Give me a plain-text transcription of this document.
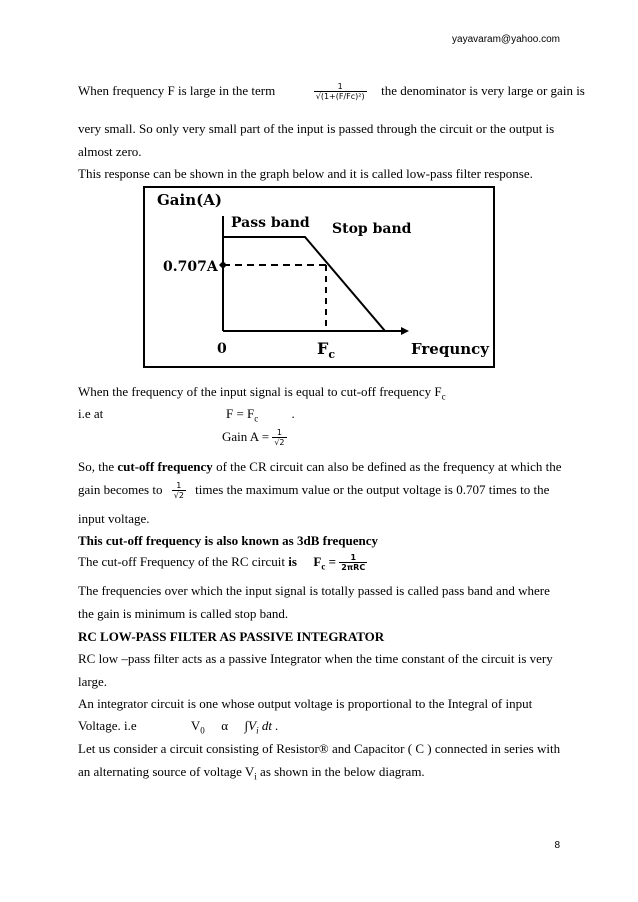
yayavaram@yahoo.com
When frequency F is large in the term	$\frac{1}{\text{√(1+(F/Fc)²)}}$ the denominator is very large or gain is
very small. So only very small part of the input is passed through the circuit or the output is
almost zero.
This response can be shown in the graph below and it is called low-pass filter response.
Gain(A)
Pass band Stop band
0.707A
0	$F_c$	Frequncy
When the frequency of the input signal is equal to cut-off frequency $F_c$
i.e at	$F = F_c$	.
Gain $A = \frac{1}{√2}$
So, the cut-off frequency of the CR circuit can also be defined as the frequency at which the
gain becomes to $\frac{1}{√2}$ times the maximum value or the output voltage is 0.707 times to the
input voltage.
This cut-off frequency is also known as 3dB frequency
The cut-off Frequency of the RC circuit is $F_c = \frac{1}{\text{2πRC}}$
The frequencies over which the input signal is totally passed is called pass band and where
the gain is minimum is called stop band.
RC LOW-PASS FILTER AS PASSIVE INTEGRATOR
RC low –pass filter acts as a passive Integrator when the time constant of the circuit is very
large.
An integrator circuit is one whose output voltage is proportional to the Integral of input
Voltage. i.e	$V_0$ α $\int V_i$ dt .
Let us consider a circuit consisting of Resistor® and Capacitor ( C ) connected in series with
an alternating source of voltage $V_i$ as shown in the below diagram.
8
